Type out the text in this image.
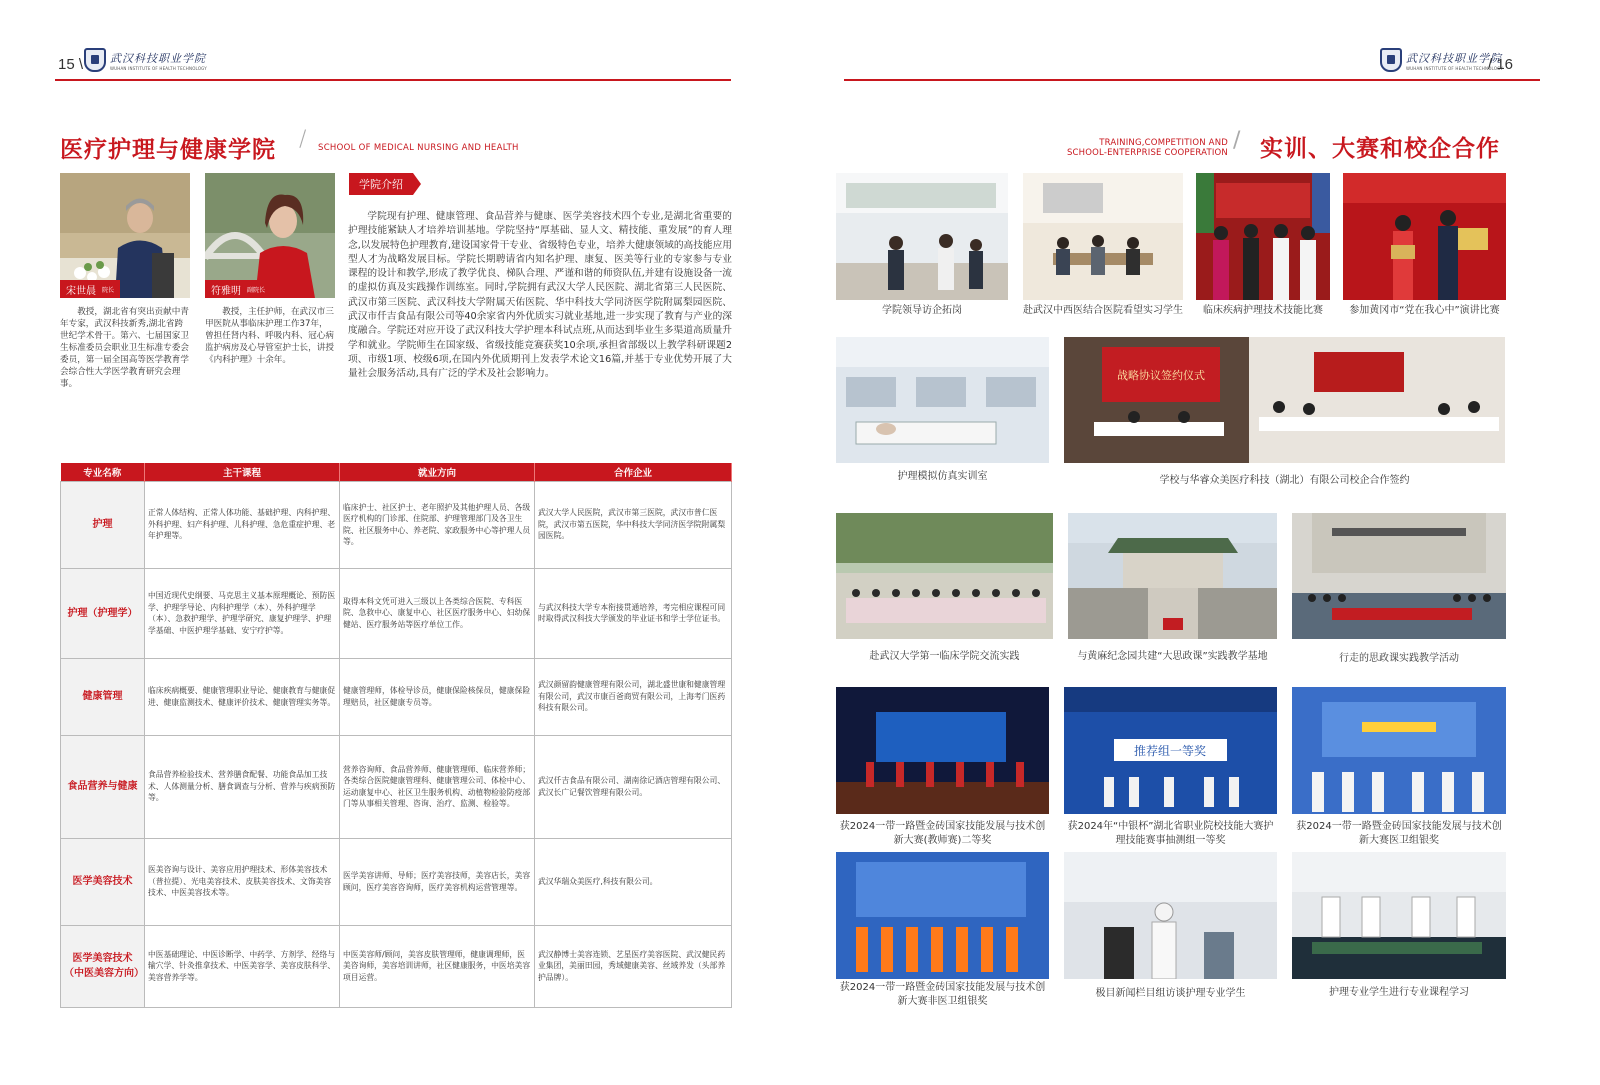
15 \ 武汉科技职业学院
WUHAN INSTITUTE OF HEALTH TECHNOLOGY
医疗护理与健康学院 / SCHOOL OF MEDICAL NURSING AND HEALTH
宋世晨 院长
教授，湖北省有突出贡献中青年专家，武汉科技新秀,湖北省跨世纪学术骨干。第六、七届国家卫生标准委员会职业卫生标准专委会委员，第一届全国高等医学教育学会综合性大学医学教育研究会理事。
符雅明 副院长
教授，主任护师，在武汉市三甲医院从事临床护理工作37年，曾担任肾内科、呼吸内科、冠心病监护病房及心导管室护士长，讲授《内科护理》十余年。
学院介绍
学院现有护理、健康管理、食品营养与健康、医学美容技术四个专业,是湖北省重要的护理技能紧缺人才培养培训基地。学院坚持“厚基础、显人文、精技能、重发展”的育人理念,以发展特色护理教育,建设国家骨干专业、省级特色专业，培养大健康领域的高技能应用型人才为战略发展目标。学院长期聘请省内知名护理、康复、医美等行业的专家参与专业课程的设计和教学,形成了教学优良、梯队合理、严谨和谐的师资队伍,并建有设施设备一流的虚拟仿真及实践操作训练室。同时,学院拥有武汉大学人民医院、湖北省第三人民医院、武汉市第三医院、武汉科技大学附属天佑医院、华中科技大学同济医学院附属梨园医院、武汉市仟吉食品有限公司等40余家省内外优质实习就业基地,进一步实现了教育与产业的深度融合。学院还对应开设了武汉科技大学护理本科试点班,从而达到毕业生多渠道高质量升学和就业。学院师生在国家级、省级技能竞赛获奖10余项,承担省部级以上教学科研课题2项、市级1项、校级6项,在国内外优质期刊上发表学术论文16篇,并基于专业优势开展了大量社会服务活动,具有广泛的学术及社会影响力。
专业名称	主干课程	就业方向	合作企业
护理	正常人体结构、正常人体功能、基础护理、内科护理、外科护理、妇产科护理、儿科护理、急危重症护理、老年护理等。	临床护士、社区护士、老年照护及其他护理人员、各级医疗机构的门诊部、住院部、护理管理部门及各卫生院、社区服务中心、养老院、家政服务中心等护理人员等。	武汉大学人民医院，武汉市第三医院，武汉市普仁医院，武汉市第五医院，华中科技大学同济医学院附属梨园医院。
护理（护理学）	中国近现代史纲要、马克思主义基本原理概论、预防医学、护理学导论、内科护理学（本）、外科护理学（本）、急救护理学、护理学研究、康复护理学、护理学基础、中医护理学基础、安宁疗护等。	取得本科文凭可进入三级以上各类综合医院、专科医院、急救中心、康复中心、社区医疗服务中心、妇幼保健站、医疗服务站等医疗单位工作。	与武汉科技大学专本衔接贯通培养，考完相应课程可同时取得武汉科技大学颁发的毕业证书和学士学位证书。
健康管理	临床疾病概要、健康管理职业导论、健康教育与健康促进、健康监测技术、健康评价技术、健康管理实务等。	健康管理师，体检导诊员，健康保险核保员，健康保险理赔员，社区健康专员等。	武汉颜留韵健康管理有限公司，湖北盛世康和健康管理有限公司，武汉市康百爸商贸有限公司，上海考门医药科技有限公司。
食品营养与健康	食品营养检验技术、营养膳食配餐、功能食品加工技术、人体测量分析、膳食调查与分析、营养与疾病预防等。	营养咨询师、食品营养师、健康管理师、临床营养师；各类综合医院健康管理科、健康管理公司、体检中心、运动康复中心、社区卫生服务机构、动植物检验防疫部门等从事相关管理、咨询、治疗、监测、检验等。	武汉仟吉食品有限公司、湖南徐记酒店管理有限公司、武汉长广记餐饮管理有限公司。
医学美容技术	医美咨询与设计、美容应用护理技术、形体美容技术（普拉提）、光电美容技术、皮肤美容技术、文饰美容技术、中医美容技术等。	医学美容讲师、导师；医疗美容技师，美容店长，美容顾问，医疗美容咨询师，医疗美容机构运营管理等。	武汉华瑞众美医疗,科技有限公司。
医学美容技术（中医美容方向）	中医基础理论、中医诊断学、中药学、方剂学、经络与输穴学、针灸推拿技术、中医美容学、美容皮肤科学、美容营养学等。	中医美容师/顾问，美容皮肤管理师，健康调理师，医美咨询师，美容培训讲师，社区健康服务，中医培美容项目运营。	武汉静博士美容连锁、艺星医疗美容医院、武汉健民药业集团，美丽田园，秀域健康美容、丝域养发（头部养护品牌）。
武汉科技职业学院
WUHAN INSTITUTE OF HEALTH TECHNOLOGY
/ 16
TRAINING,COMPETITION AND
SCHOOL-ENTERPRISE COOPERATION / 实训、大赛和校企合作
学院领导访企拓岗	赴武汉中西医结合医院看望实习学生	临床疾病护理技术技能比赛	参加黄冈市“党在我心中”演讲比赛
护理模拟仿真实训室
战略协议签约仪式
学校与华睿众美医疗科技（湖北）有限公司校企合作签约
赴武汉大学第一临床学院交流实践	与黄麻纪念园共建“大思政课”实践教学基地	行走的思政课实践教学活动
获2024一带一路暨金砖国家技能发展与技术创新大赛(教师赛)二等奖
推荐组一等奖
获2024年“中银杯”湖北省职业院校技能大赛护理技能赛事抽测组一等奖
获2024一带一路暨金砖国家技能发展与技术创新大赛医卫组银奖
获2024一带一路暨金砖国家技能发展与技术创新大赛非医卫组银奖
极目新闻栏目组访谈护理专业学生	护理专业学生进行专业课程学习
